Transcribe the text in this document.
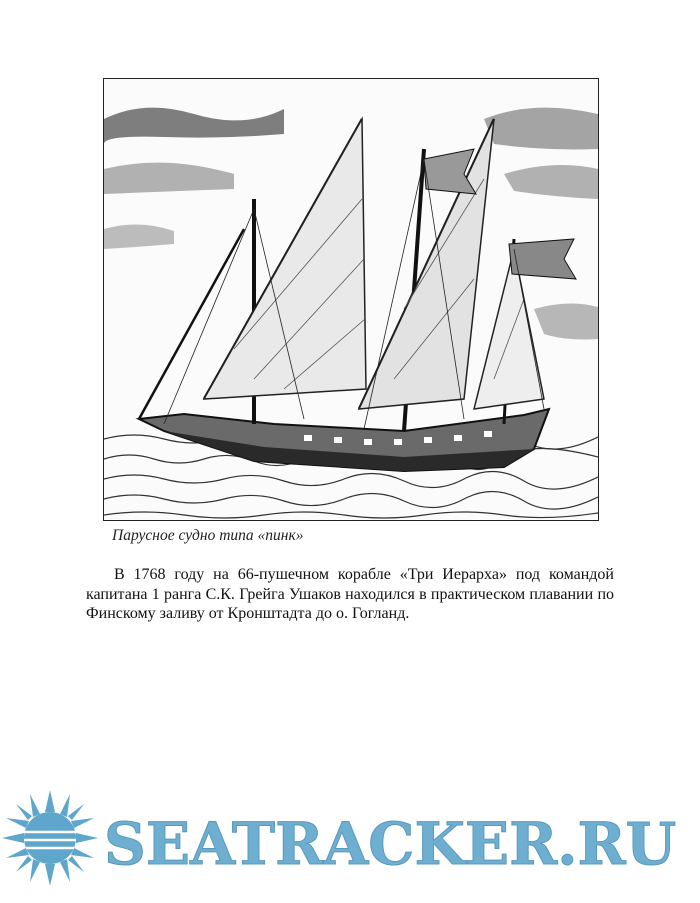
Парусное судно типа «пинк»

В 1768 году на 66-пушечном корабле «Три Иерарха» под командой капитана 1 ранга С.К. Грейга Ушаков находился в практическом плавании по Финскому заливу от Кронштадта до о. Гогланд.

SEATRACKER.RU
